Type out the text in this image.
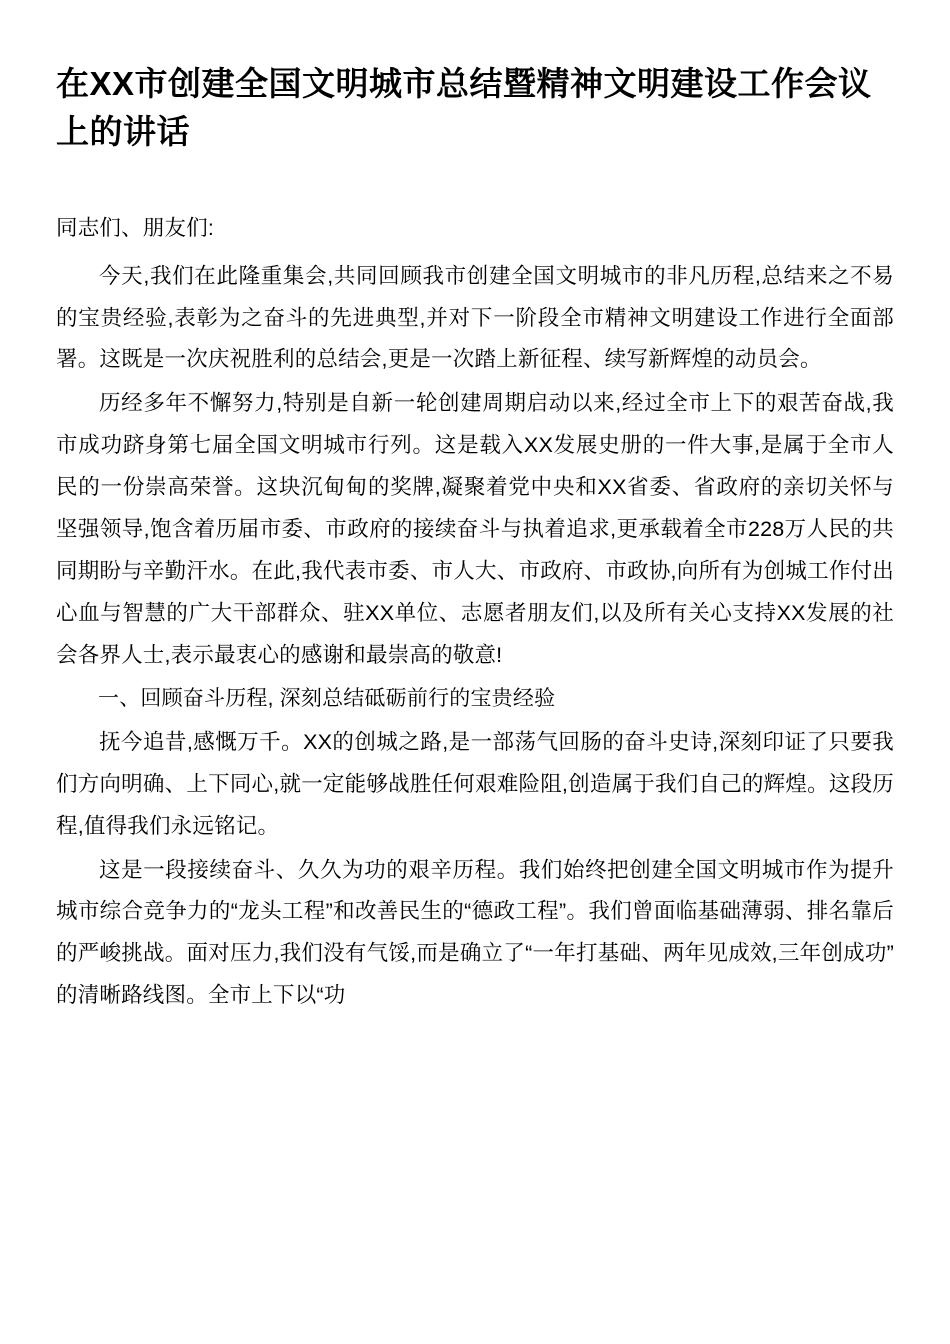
在XX市创建全国文明城市总结暨精神文明建设工作会议上的讲话

同志们、朋友们:

今天,我们在此隆重集会,共同回顾我市创建全国文明城市的非凡历程,总结来之不易的宝贵经验,表彰为之奋斗的先进典型,并对下一阶段全市精神文明建设工作进行全面部署。这既是一次庆祝胜利的总结会,更是一次踏上新征程、续写新辉煌的动员会。

历经多年不懈努力,特别是自新一轮创建周期启动以来,经过全市上下的艰苦奋战,我市成功跻身第七届全国文明城市行列。这是载入XX发展史册的一件大事,是属于全市人民的一份崇高荣誉。这块沉甸甸的奖牌,凝聚着党中央和XX省委、省政府的亲切关怀与坚强领导,饱含着历届市委、市政府的接续奋斗与执着追求,更承载着全市228万人民的共同期盼与辛勤汗水。在此,我代表市委、市人大、市政府、市政协,向所有为创城工作付出心血与智慧的广大干部群众、驻XX单位、志愿者朋友们,以及所有关心支持XX发展的社会各界人士,表示最衷心的感谢和最崇高的敬意!

一、回顾奋斗历程, 深刻总结砥砺前行的宝贵经验

抚今追昔,感慨万千。XX的创城之路,是一部荡气回肠的奋斗史诗,深刻印证了只要我们方向明确、上下同心,就一定能够战胜任何艰难险阻,创造属于我们自己的辉煌。这段历程,值得我们永远铭记。

这是一段接续奋斗、久久为功的艰辛历程。我们始终把创建全国文明城市作为提升城市综合竞争力的“龙头工程”和改善民生的“德政工程”。我们曾面临基础薄弱、排名靠后的严峻挑战。面对压力,我们没有气馁,而是确立了“一年打基础、两年见成效,三年创成功”的清晰路线图。全市上下以“功
